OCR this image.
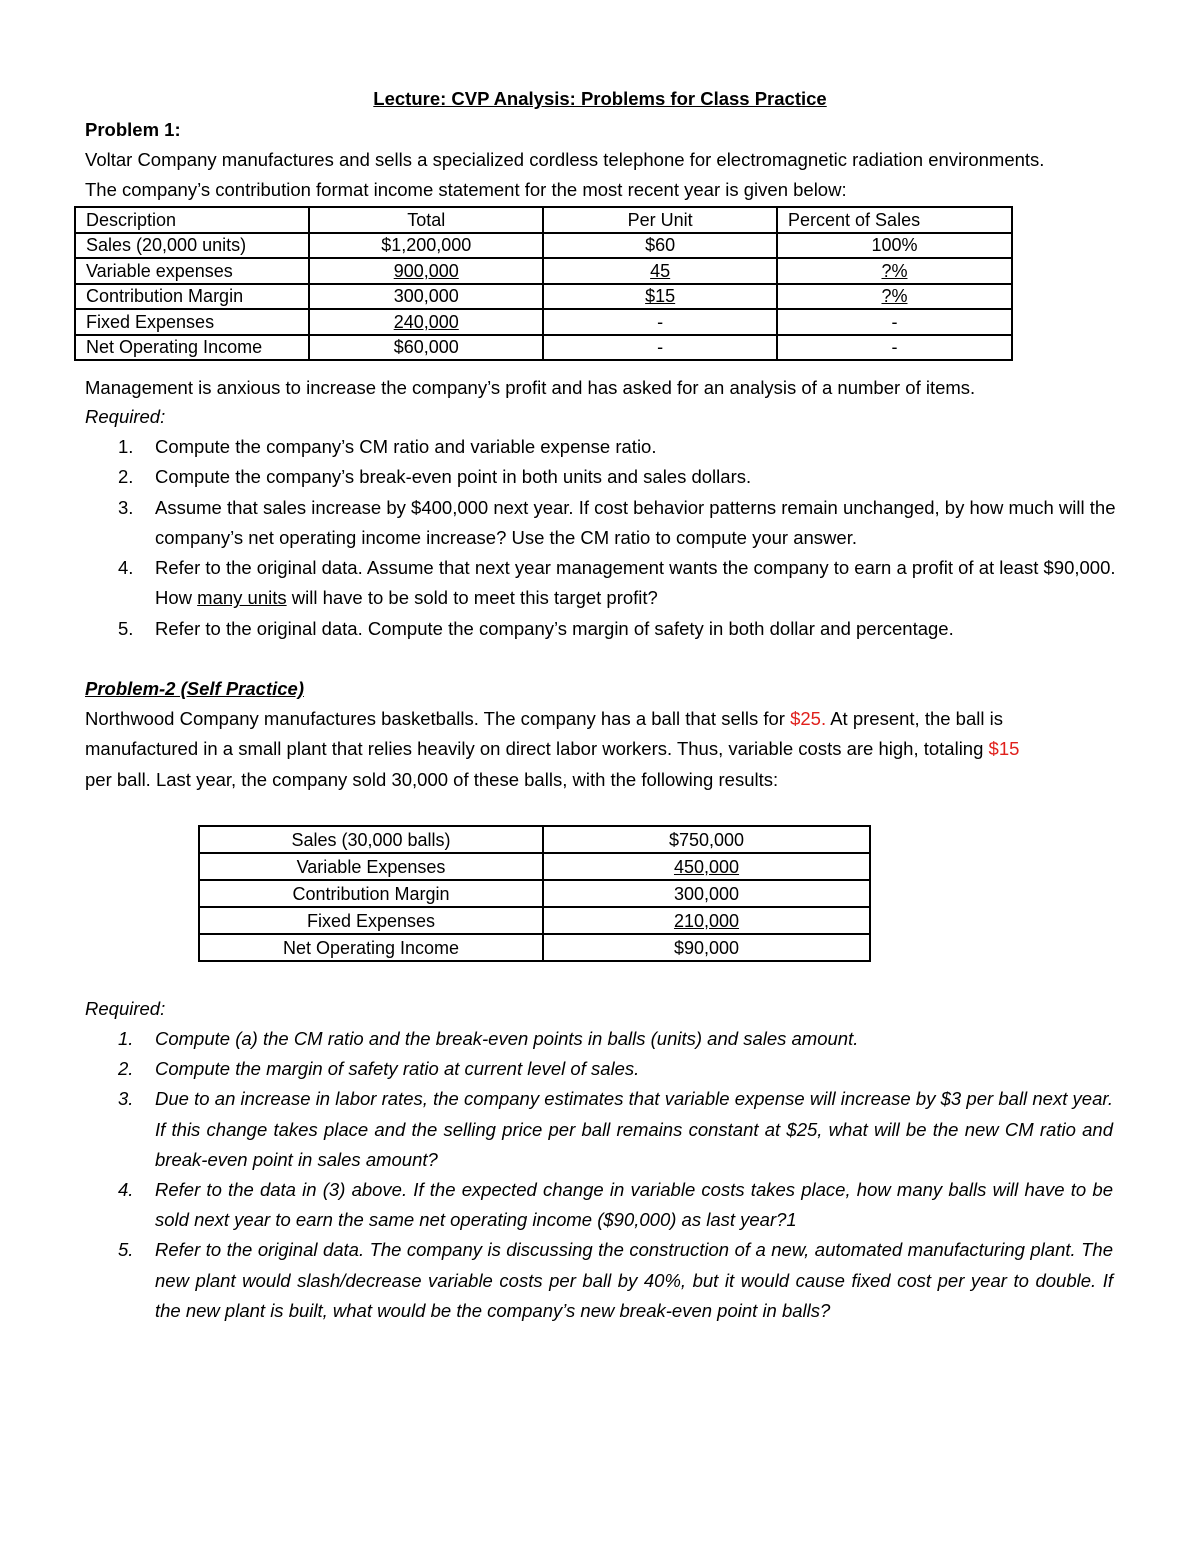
Lecture: CVP Analysis: Problems for Class Practice
Problem 1:
Voltar Company manufactures and sells a specialized cordless telephone for electromagnetic radiation environments.
The company’s contribution format income statement for the most recent year is given below:
Description	Total	Per Unit	Percent of Sales
Sales (20,000 units)	$1,200,000	$60	100%
Variable expenses	900,000	45	?%
Contribution Margin	300,000	$15	?%
Fixed Expenses	240,000	-	-
Net Operating Income	$60,000	-	-
Management is anxious to increase the company’s profit and has asked for an analysis of a number of items.
Required:
1. Compute the company’s CM ratio and variable expense ratio.
2. Compute the company’s break-even point in both units and sales dollars.
3. Assume that sales increase by $400,000 next year. If cost behavior patterns remain unchanged, by how much will the company’s net operating income increase? Use the CM ratio to compute your answer.
4. Refer to the original data. Assume that next year management wants the company to earn a profit of at least $90,000. How many units will have to be sold to meet this target profit?
5. Refer to the original data. Compute the company’s margin of safety in both dollar and percentage.
Problem-2 (Self Practice)
Northwood Company manufactures basketballs. The company has a ball that sells for $25. At present, the ball is
manufactured in a small plant that relies heavily on direct labor workers. Thus, variable costs are high, totaling $15
per ball. Last year, the company sold 30,000 of these balls, with the following results:
Sales (30,000 balls)	$750,000
Variable Expenses	450,000
Contribution Margin	300,000
Fixed Expenses	210,000
Net Operating Income	$90,000
Required:
1. Compute (a) the CM ratio and the break-even points in balls (units) and sales amount.
2. Compute the margin of safety ratio at current level of sales.
3. Due to an increase in labor rates, the company estimates that variable expense will increase by $3 per ball next year. If this change takes place and the selling price per ball remains constant at $25, what will be the new CM ratio and break-even point in sales amount?
4. Refer to the data in (3) above. If the expected change in variable costs takes place, how many balls will have to be sold next year to earn the same net operating income ($90,000) as last year?1
5. Refer to the original data. The company is discussing the construction of a new, automated manufacturing plant. The new plant would slash/decrease variable costs per ball by 40%, but it would cause fixed cost per year to double. If the new plant is built, what would be the company’s new break-even point in balls?
